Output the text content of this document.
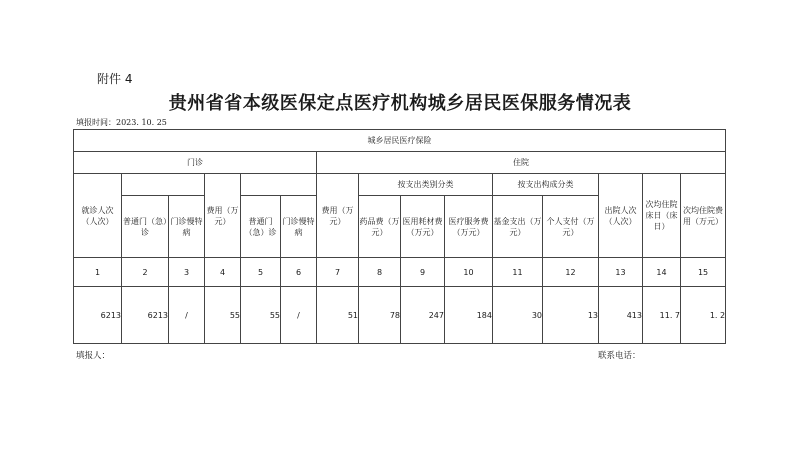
附件 4
贵州省省本级医保定点医疗机构城乡居民医保服务情况表
填报时间：2023. 10. 25
城乡居民医疗保险														
门诊						住院								
就诊人次（人次）			费用（万元）			费用（万元）	按支出类别分类			按支出构成分类		出院人次（人次）	次均住院床日（床日）	次均住院费用（万元）
	普通门（急）诊	门诊慢特病		普通门（急）诊	门诊慢特病		药品费（万元）	医用耗材费（万元）	医疗服务费（万元）	基金支出（万元）	个人支付（万元）			
1	2	3	4	5	6	7	8	9	10	11	12	13	14	15
6213	6213	/	55	55	/	51	78	247	184	30	13	413	11. 7	1. 2
填报人：	联系电话：
